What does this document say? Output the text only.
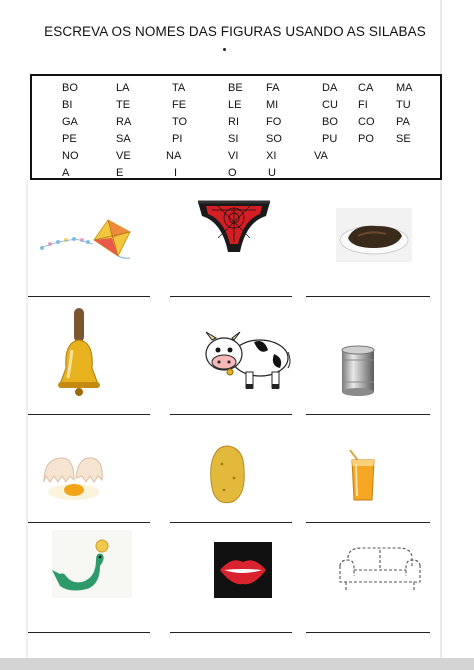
ESCREVA OS NOMES DAS FIGURAS USANDO AS SILABAS
BO	LA	TA	BE FA	DA CA MA
BI	TE	FE	LE MI	CU FI	TU
GA	RA	TO	RI FO	BO CO PA
PE	SA	PI	SI	SO	PU PO SE
NO	VE	NA	VI	XI	VA
A	E	I	O	U
